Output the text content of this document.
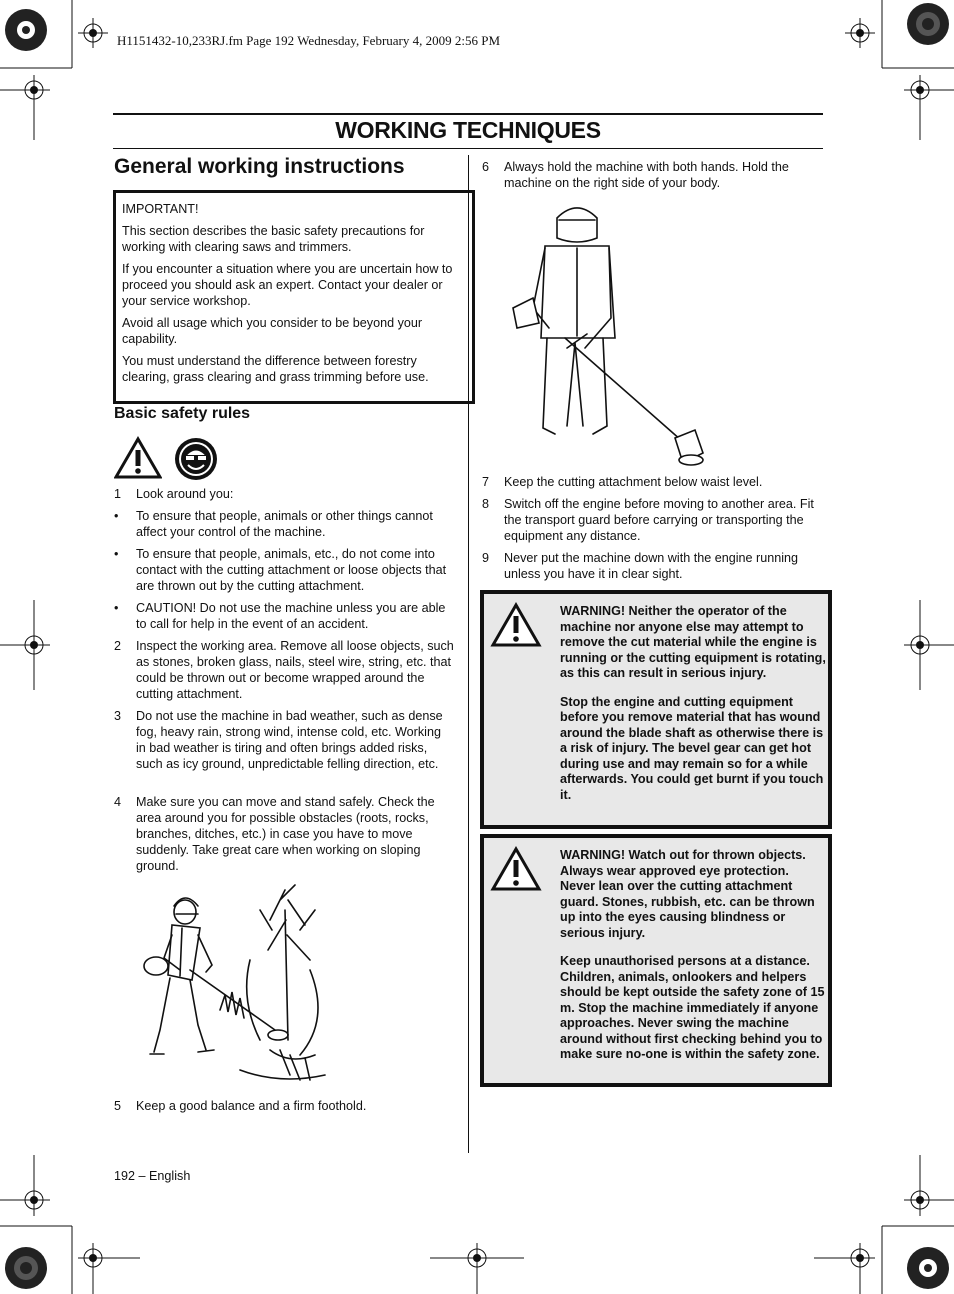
H1151432-10,233RJ.fm Page 192 Wednesday, February 4, 2009 2:56 PM
WORKING TECHNIQUES
General working instructions

IMPORTANT!

This section describes the basic safety precautions for working with clearing saws and trimmers.

If you encounter a situation where you are uncertain how to proceed you should ask an expert. Contact your dealer or your service workshop.

Avoid all usage which you consider to be beyond your capability.

You must understand the difference between forestry clearing, grass clearing and grass trimming before use.

Basic safety rules
1 Look around you:
• To ensure that people, animals or other things cannot affect your control of the machine.
• To ensure that people, animals, etc., do not come into contact with the cutting attachment or loose objects that are thrown out by the cutting attachment.
• CAUTION! Do not use the machine unless you are able to call for help in the event of an accident.
2 Inspect the working area. Remove all loose objects, such as stones, broken glass, nails, steel wire, string, etc. that could be thrown out or become wrapped around the cutting attachment.
3 Do not use the machine in bad weather, such as dense fog, heavy rain, strong wind, intense cold, etc. Working in bad weather is tiring and often brings added risks, such as icy ground, unpredictable felling direction, etc.
4 Make sure you can move and stand safely. Check the area around you for possible obstacles (roots, rocks, branches, ditches, etc.) in case you have to move suddenly. Take great care when working on sloping ground.
5 Keep a good balance and a firm foothold.
6 Always hold the machine with both hands. Hold the machine on the right side of your body.
7 Keep the cutting attachment below waist level.
8 Switch off the engine before moving to another area. Fit the transport guard before carrying or transporting the equipment any distance.
9 Never put the machine down with the engine running unless you have it in clear sight.

WARNING! Neither the operator of the machine nor anyone else may attempt to remove the cut material while the engine is running or the cutting equipment is rotating, as this can result in serious injury.

Stop the engine and cutting equipment before you remove material that has wound around the blade shaft as otherwise there is a risk of injury. The bevel gear can get hot during use and may remain so for a while afterwards. You could get burnt if you touch it.

WARNING! Watch out for thrown objects. Always wear approved eye protection. Never lean over the cutting attachment guard. Stones, rubbish, etc. can be thrown up into the eyes causing blindness or serious injury.

Keep unauthorised persons at a distance. Children, animals, onlookers and helpers should be kept outside the safety zone of 15 m. Stop the machine immediately if anyone approaches. Never swing the machine around without first checking behind you to make sure no-one is within the safety zone.

192 – English
